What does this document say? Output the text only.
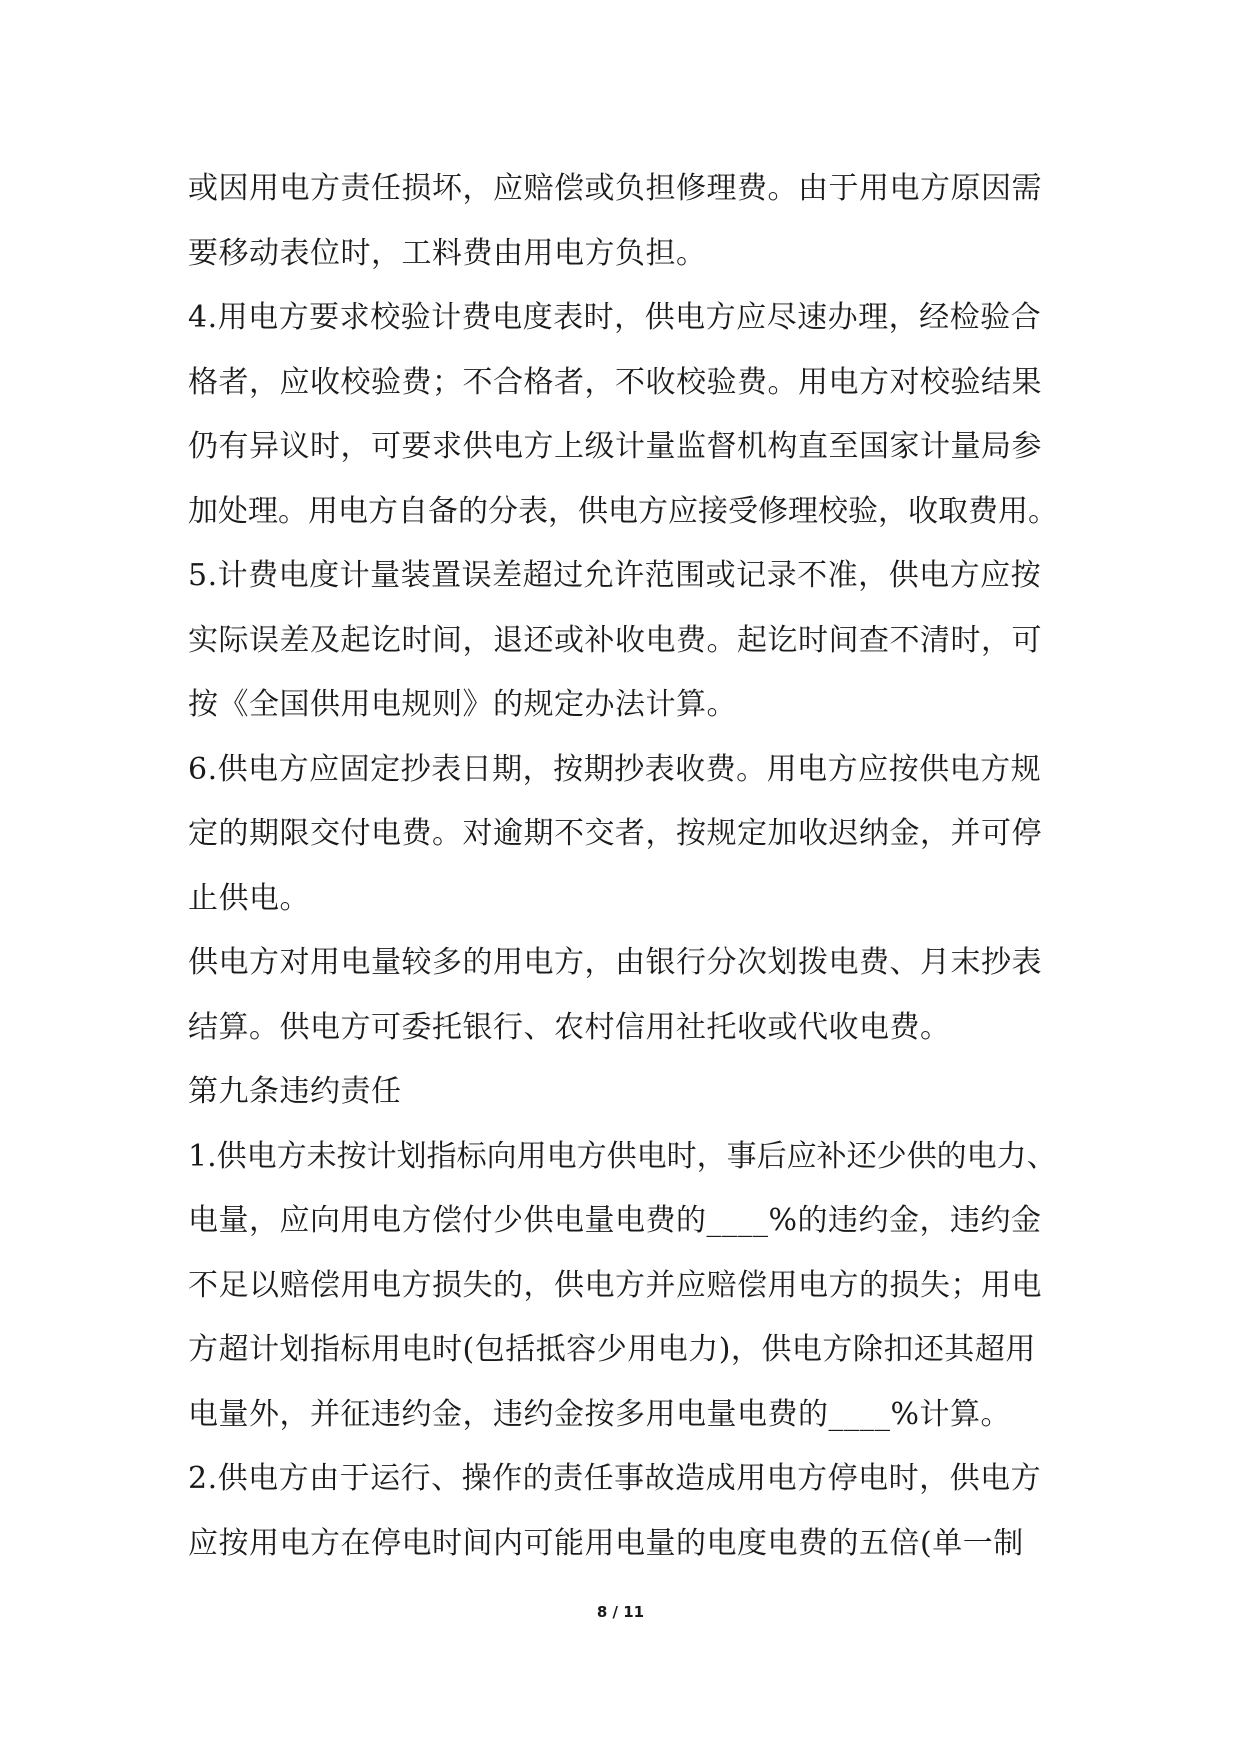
或因用电方责任损坏，应赔偿或负担修理费。由于用电方原因需
要移动表位时，工料费由用电方负担。
4.用电方要求校验计费电度表时，供电方应尽速办理，经检验合
格者，应收校验费；不合格者，不收校验费。用电方对校验结果
仍有异议时，可要求供电方上级计量监督机构直至国家计量局参
加处理。用电方自备的分表，供电方应接受修理校验，收取费用。
5.计费电度计量装置误差超过允许范围或记录不准，供电方应按
实际误差及起讫时间，退还或补收电费。起讫时间查不清时，可
按《全国供用电规则》的规定办法计算。
6.供电方应固定抄表日期，按期抄表收费。用电方应按供电方规
定的期限交付电费。对逾期不交者，按规定加收迟纳金，并可停
止供电。
供电方对用电量较多的用电方，由银行分次划拨电费、月末抄表
结算。供电方可委托银行、农村信用社托收或代收电费。
第九条违约责任
1.供电方未按计划指标向用电方供电时，事后应补还少供的电力、
电量，应向用电方偿付少供电量电费的____%的违约金，违约金
不足以赔偿用电方损失的，供电方并应赔偿用电方的损失；用电
方超计划指标用电时(包括抵容少用电力)，供电方除扣还其超用
电量外，并征违约金，违约金按多用电量电费的____%计算。
2.供电方由于运行、操作的责任事故造成用电方停电时，供电方
应按用电方在停电时间内可能用电量的电度电费的五倍(单一制
8 / 11
